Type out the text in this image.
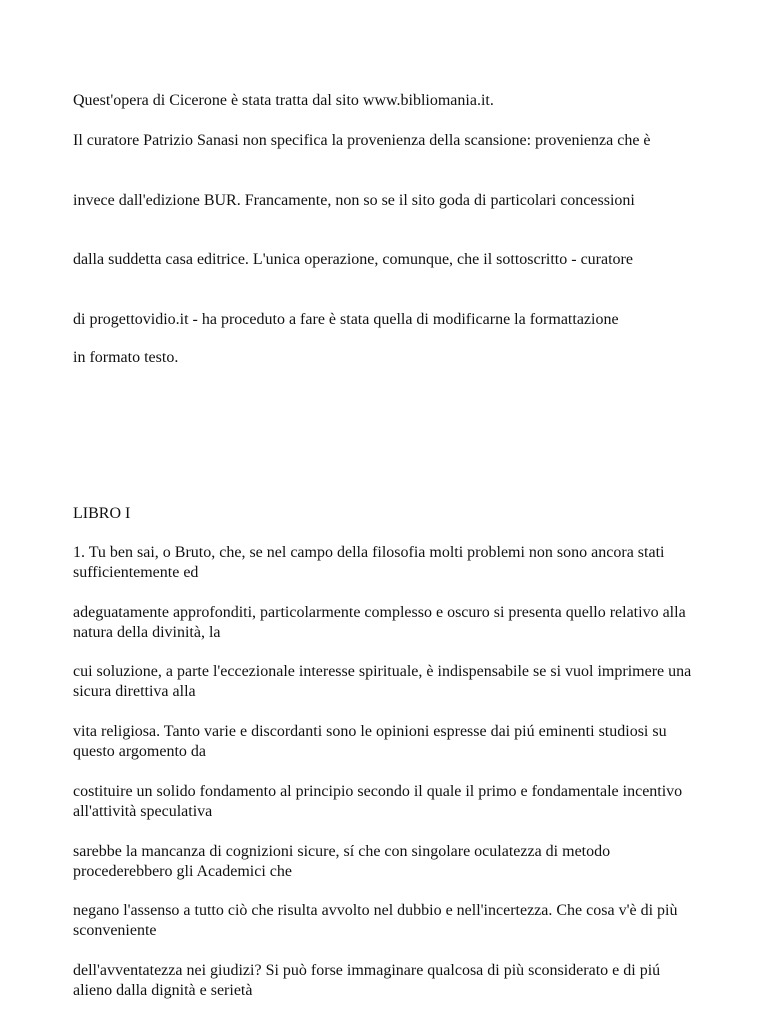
Quest'opera di Cicerone è stata tratta dal sito www.bibliomania.it.

Il curatore Patrizio Sanasi non specifica la provenienza della scansione: provenienza che è

invece dall'edizione BUR. Francamente, non so se il sito goda di particolari concessioni

dalla suddetta casa editrice. L'unica operazione, comunque, che il sottoscritto - curatore

di progettovidio.it - ha proceduto a fare è stata quella di modificarne la formattazione

in formato testo.

LIBRO I

1. Tu ben sai, o Bruto, che, se nel campo della filosofia molti problemi non sono ancora stati sufficientemente ed

adeguatamente approfonditi, particolarmente complesso e oscuro si presenta quello relativo alla natura della divinità, la

cui soluzione, a parte l'eccezionale interesse spirituale, è indispensabile se si vuol imprimere una sicura direttiva alla

vita religiosa. Tanto varie e discordanti sono le opinioni espresse dai piú eminenti studiosi su questo argomento da

costituire un solido fondamento al principio secondo il quale il primo e fondamentale incentivo all'attività speculativa

sarebbe la mancanza di cognizioni sicure, sí che con singolare oculatezza di metodo procederebbero gli Academici che

negano l'assenso a tutto ciò che risulta avvolto nel dubbio e nell'incertezza. Che cosa v'è di più sconveniente

dell'avventatezza nei giudizi? Si può forse immaginare qualcosa di più sconsiderato e di piú alieno dalla dignità e serietà
